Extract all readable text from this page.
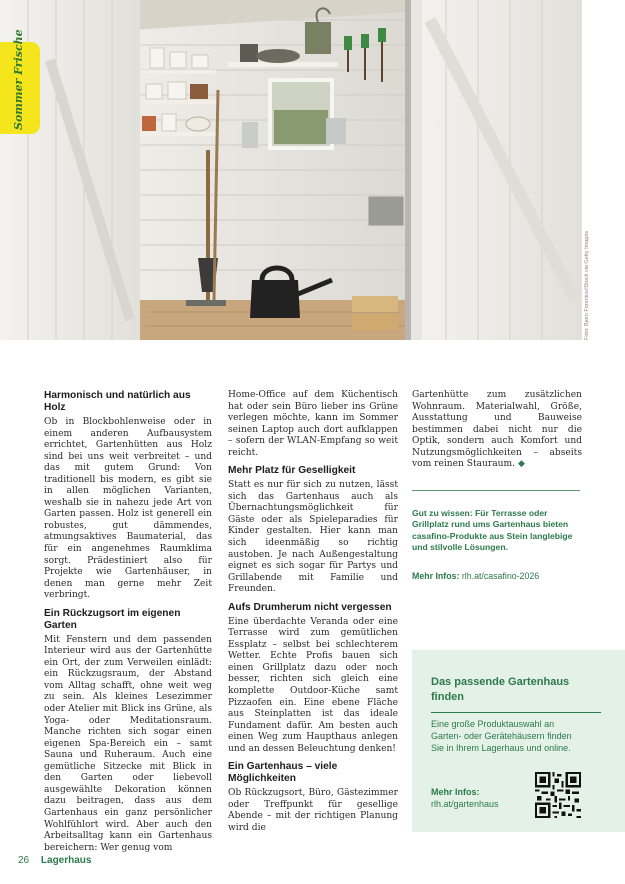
Sommer Frische
Foto: Bjorn Forenius/iStock via Getty Images
Harmonisch und natürlich aus Holz

Ob in Blockbohlenweise oder in einem anderen Aufbausystem errichtet, Gartenhütten aus Holz sind bei uns weit verbreitet – und das mit gutem Grund: Von traditionell bis modern, es gibt sie in allen möglichen Varianten, weshalb sie in nahezu jede Art von Garten passen. Holz ist generell ein robustes, gut dämmendes, atmungsaktives Baumaterial, das für ein angenehmes Raumklima sorgt. Prädestiniert also für Projekte wie Gartenhäuser, in denen man gerne mehr Zeit verbringt.

Ein Rückzugsort im eigenen Garten

Mit Fenstern und dem passenden Interieur wird aus der Gartenhütte ein Ort, der zum Verweilen einlädt: ein Rückzugsraum, der Abstand vom Alltag schafft, ohne weit weg zu sein. Als kleines Lesezimmer oder Atelier mit Blick ins Grüne, als Yoga- oder Meditationsraum. Manche richten sich sogar einen eigenen Spa-Bereich ein – samt Sauna und Ruheraum. Auch eine gemütliche Sitzecke mit Blick in den Garten oder liebevoll ausgewählte Dekoration können dazu beitragen, dass aus dem Gartenhaus ein ganz persönlicher Wohlfühlort wird. Aber auch den Arbeitsalltag kann ein Gartenhaus bereichern: Wer genug vom

Home-Office auf dem Küchentisch hat oder sein Büro lieber ins Grüne verlegen möchte, kann im Sommer seinen Laptop auch dort aufklappen – sofern der WLAN-Empfang so weit reicht.

Mehr Platz für Geselligkeit

Statt es nur für sich zu nutzen, lässt sich das Gartenhaus auch als Übernachtungsmöglichkeit für Gäste oder als Spieleparadies für Kinder gestalten. Hier kann man sich ideenmäßig so richtig austoben. Je nach Außengestaltung eignet es sich sogar für Partys und Grillabende mit Familie und Freunden.

Aufs Drumherum nicht vergessen

Eine überdachte Veranda oder eine Terrasse wird zum gemütlichen Essplatz – selbst bei schlechterem Wetter. Echte Profis bauen sich einen Grillplatz dazu oder noch besser, richten sich gleich eine komplette Outdoor-Küche samt Pizzaofen ein. Eine ebene Fläche aus Steinplatten ist das ideale Fundament dafür. Am besten auch einen Weg zum Haupthaus anlegen und an dessen Beleuchtung denken!

Ein Gartenhaus – viele Möglichkeiten

Ob Rückzugsort, Büro, Gästezimmer oder Treffpunkt für gesellige Abende – mit der richtigen Planung wird die

Gartenhütte zum zusätzlichen Wohnraum. Materialwahl, Größe, Ausstattung und Bauweise bestimmen dabei nicht nur die Optik, sondern auch Komfort und Nutzungsmöglichkeiten – abseits vom reinen Stauraum. ◆

Gut zu wissen: Für Terrasse oder Grillplatz rund ums Gartenhaus bieten casafino-Produkte aus Stein langlebige und stilvolle Lösungen.
Mehr Infos: rlh.at/casafino-2026
Das passende Gartenhaus finden
Eine große Produktauswahl an Garten- oder Gerätehäusern finden Sie in Ihrem Lagerhaus und online.
Mehr Infos:
rlh.at/gartenhaus
26 Lagerhaus
